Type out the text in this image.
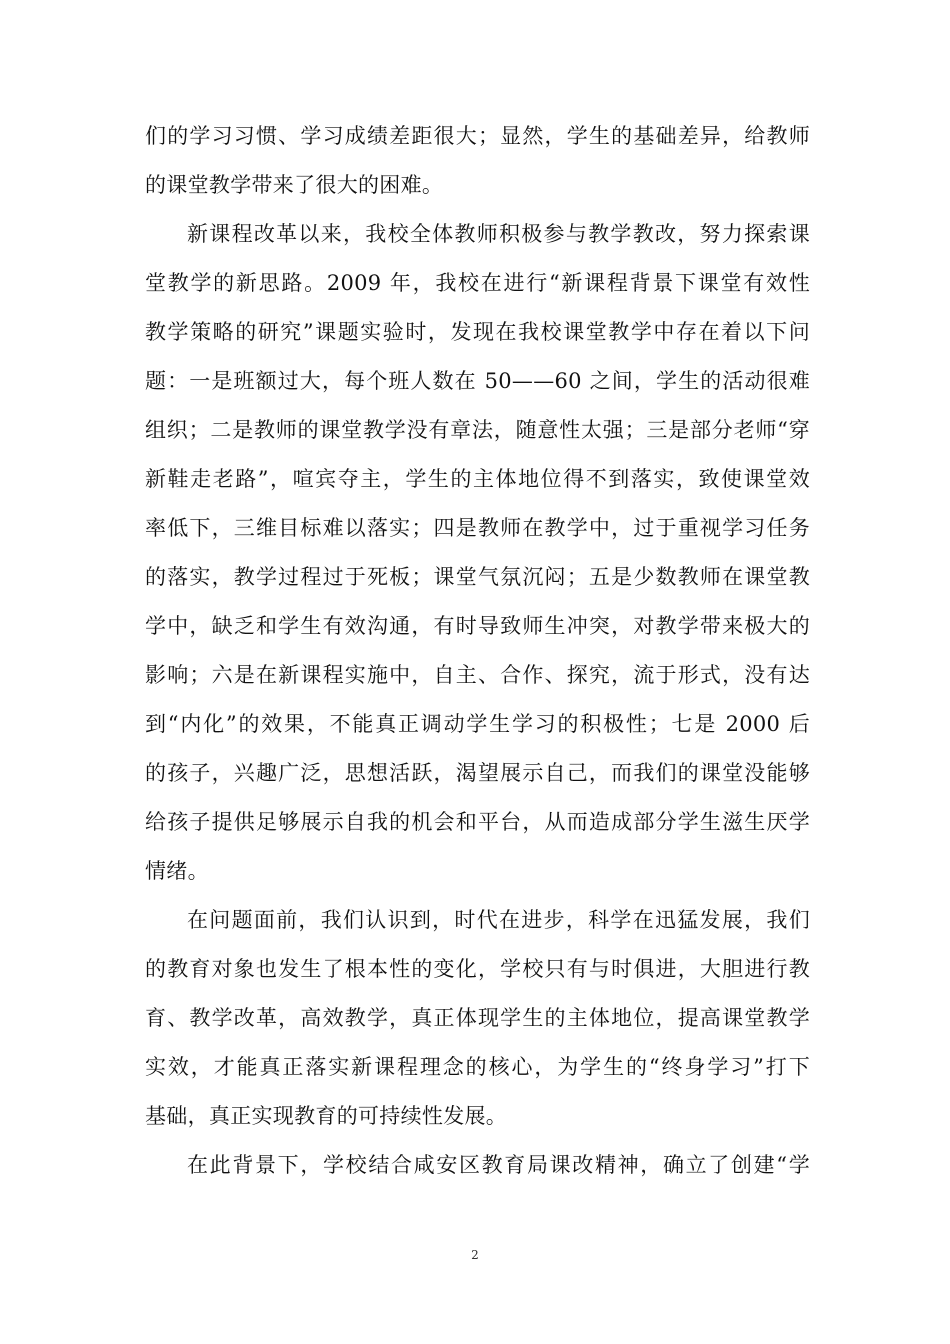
们的学习习惯、学习成绩差距很大；显然，学生的基础差异，给教师
的课堂教学带来了很大的困难。
新课程改革以来，我校全体教师积极参与教学教改，努力探索课
堂教学的新思路。2009 年，我校在进行“新课程背景下课堂有效性
教学策略的研究”课题实验时，发现在我校课堂教学中存在着以下问
题：一是班额过大，每个班人数在 50——60 之间，学生的活动很难
组织；二是教师的课堂教学没有章法，随意性太强；三是部分老师“穿
新鞋走老路”，喧宾夺主，学生的主体地位得不到落实，致使课堂效
率低下，三维目标难以落实；四是教师在教学中，过于重视学习任务
的落实，教学过程过于死板；课堂气氛沉闷；五是少数教师在课堂教
学中，缺乏和学生有效沟通，有时导致师生冲突，对教学带来极大的
影响；六是在新课程实施中，自主、合作、探究，流于形式，没有达
到“内化”的效果，不能真正调动学生学习的积极性；七是 2000 后
的孩子，兴趣广泛，思想活跃，渴望展示自己，而我们的课堂没能够
给孩子提供足够展示自我的机会和平台，从而造成部分学生滋生厌学
情绪。
在问题面前，我们认识到，时代在进步，科学在迅猛发展，我们
的教育对象也发生了根本性的变化，学校只有与时俱进，大胆进行教
育、教学改革，高效教学，真正体现学生的主体地位，提高课堂教学
实效，才能真正落实新课程理念的核心，为学生的“终身学习”打下
基础，真正实现教育的可持续性发展。
在此背景下，学校结合咸安区教育局课改精神，确立了创建“学
2
